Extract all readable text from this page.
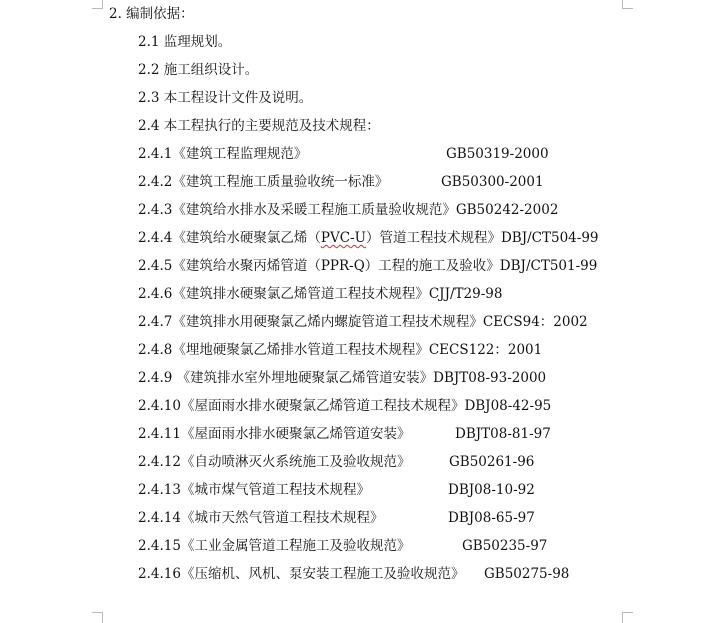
2. 编制依据：
2.1 监理规划。
2.2 施工组织设计。
2.3 本工程设计文件及说明。
2.4 本工程执行的主要规范及技术规程：
2.4.1《建筑工程监理规范》	GB50319-2000
2.4.2《建筑工程施工质量验收统一标准》	GB50300-2001
2.4.3《建筑给水排水及采暖工程施工质量验收规范》GB50242-2002
2.4.4《建筑给水硬聚氯乙烯（PVC-U）管道工程技术规程》DBJ/CT504-99
2.4.5《建筑给水聚丙烯管道（PPR-Q）工程的施工及验收》DBJ/CT501-99
2.4.6《建筑排水硬聚氯乙烯管道工程技术规程》CJJ/T29-98
2.4.7《建筑排水用硬聚氯乙烯内螺旋管道工程技术规程》CECS94：2002
2.4.8《埋地硬聚氯乙烯排水管道工程技术规程》CECS122：2001
2.4.9 《建筑排水室外埋地硬聚氯乙烯管道安装》DBJT08-93-2000
2.4.10《屋面雨水排水硬聚氯乙烯管道工程技术规程》DBJ08-42-95
2.4.11《屋面雨水排水硬聚氯乙烯管道安装》	DBJT08-81-97
2.4.12《自动喷淋灭火系统施工及验收规范》	GB50261-96
2.4.13《城市煤气管道工程技术规程》	DBJ08-10-92
2.4.14《城市天然气管道工程技术规程》	DBJ08-65-97
2.4.15《工业金属管道工程施工及验收规范》	GB50235-97
2.4.16《压缩机、风机、泵安装工程施工及验收规范》 GB50275-98
